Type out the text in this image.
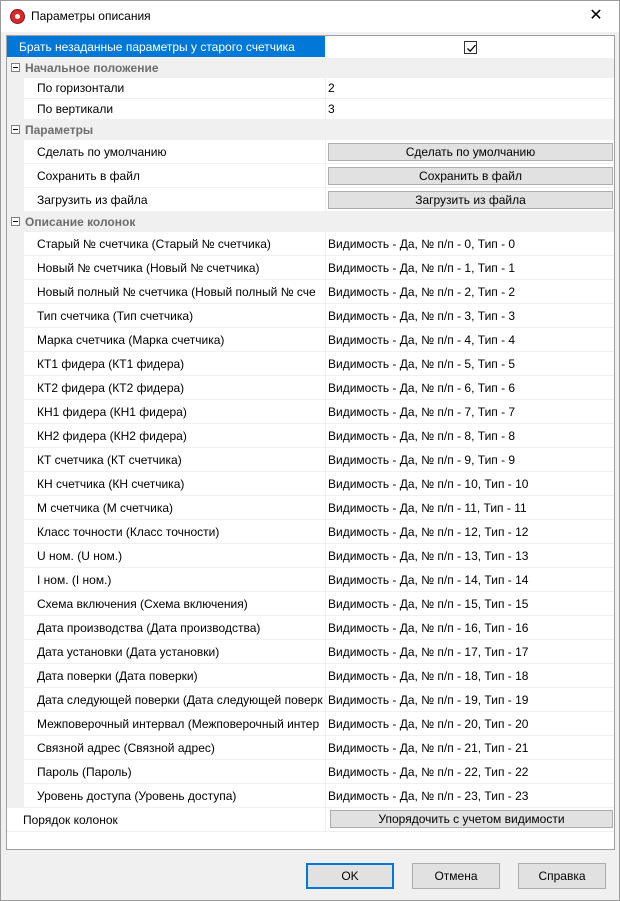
Параметры описания	✕
Брать незаданные параметры у старого счетчика
Начальное положение
Параметры
Описание колонок
Порядок колонок	Упорядочить с учетом видимости
По горизонтали	2
По вертикали	3
Сделать по умолчанию	Сделать по умолчанию
Сохранить в файл	Сохранить в файл
Загрузить из файла	Загрузить из файла
Старый № счетчика (Старый № счетчика)	Видимость - Да, № п/п - 0, Тип - 0
Новый № счетчика (Новый № счетчика)	Видимость - Да, № п/п - 1, Тип - 1
Новый полный № счетчика (Новый полный № сче	Видимость - Да, № п/п - 2, Тип - 2
Тип счетчика (Тип счетчика)	Видимость - Да, № п/п - 3, Тип - 3
Марка счетчика (Марка счетчика)	Видимость - Да, № п/п - 4, Тип - 4
КТ1 фидера (КТ1 фидера)	Видимость - Да, № п/п - 5, Тип - 5
КТ2 фидера (КТ2 фидера)	Видимость - Да, № п/п - 6, Тип - 6
КН1 фидера (КН1 фидера)	Видимость - Да, № п/п - 7, Тип - 7
КН2 фидера (КН2 фидера)	Видимость - Да, № п/п - 8, Тип - 8
КТ счетчика (КТ счетчика)	Видимость - Да, № п/п - 9, Тип - 9
КН счетчика (КН счетчика)	Видимость - Да, № п/п - 10, Тип - 10
М счетчика (М счетчика)	Видимость - Да, № п/п - 11, Тип - 11
Класс точности (Класс точности)	Видимость - Да, № п/п - 12, Тип - 12
U ном. (U ном.)	Видимость - Да, № п/п - 13, Тип - 13
I ном. (I ном.)	Видимость - Да, № п/п - 14, Тип - 14
Схема включения (Схема включения)	Видимость - Да, № п/п - 15, Тип - 15
Дата производства (Дата производства)	Видимость - Да, № п/п - 16, Тип - 16
Дата установки (Дата установки)	Видимость - Да, № п/п - 17, Тип - 17
Дата поверки (Дата поверки)	Видимость - Да, № п/п - 18, Тип - 18
Дата следующей поверки (Дата следующей поверк Видимость - Да, № п/п - 19, Тип - 19
Межповерочный интервал (Межповерочный интер Видимость - Да, № п/п - 20, Тип - 20
Связной адрес (Связной адрес)	Видимость - Да, № п/п - 21, Тип - 21
Пароль (Пароль)	Видимость - Да, № п/п - 22, Тип - 22
Уровень доступа (Уровень доступа)	Видимость - Да, № п/п - 23, Тип - 23
OK	Отмена	Справка
